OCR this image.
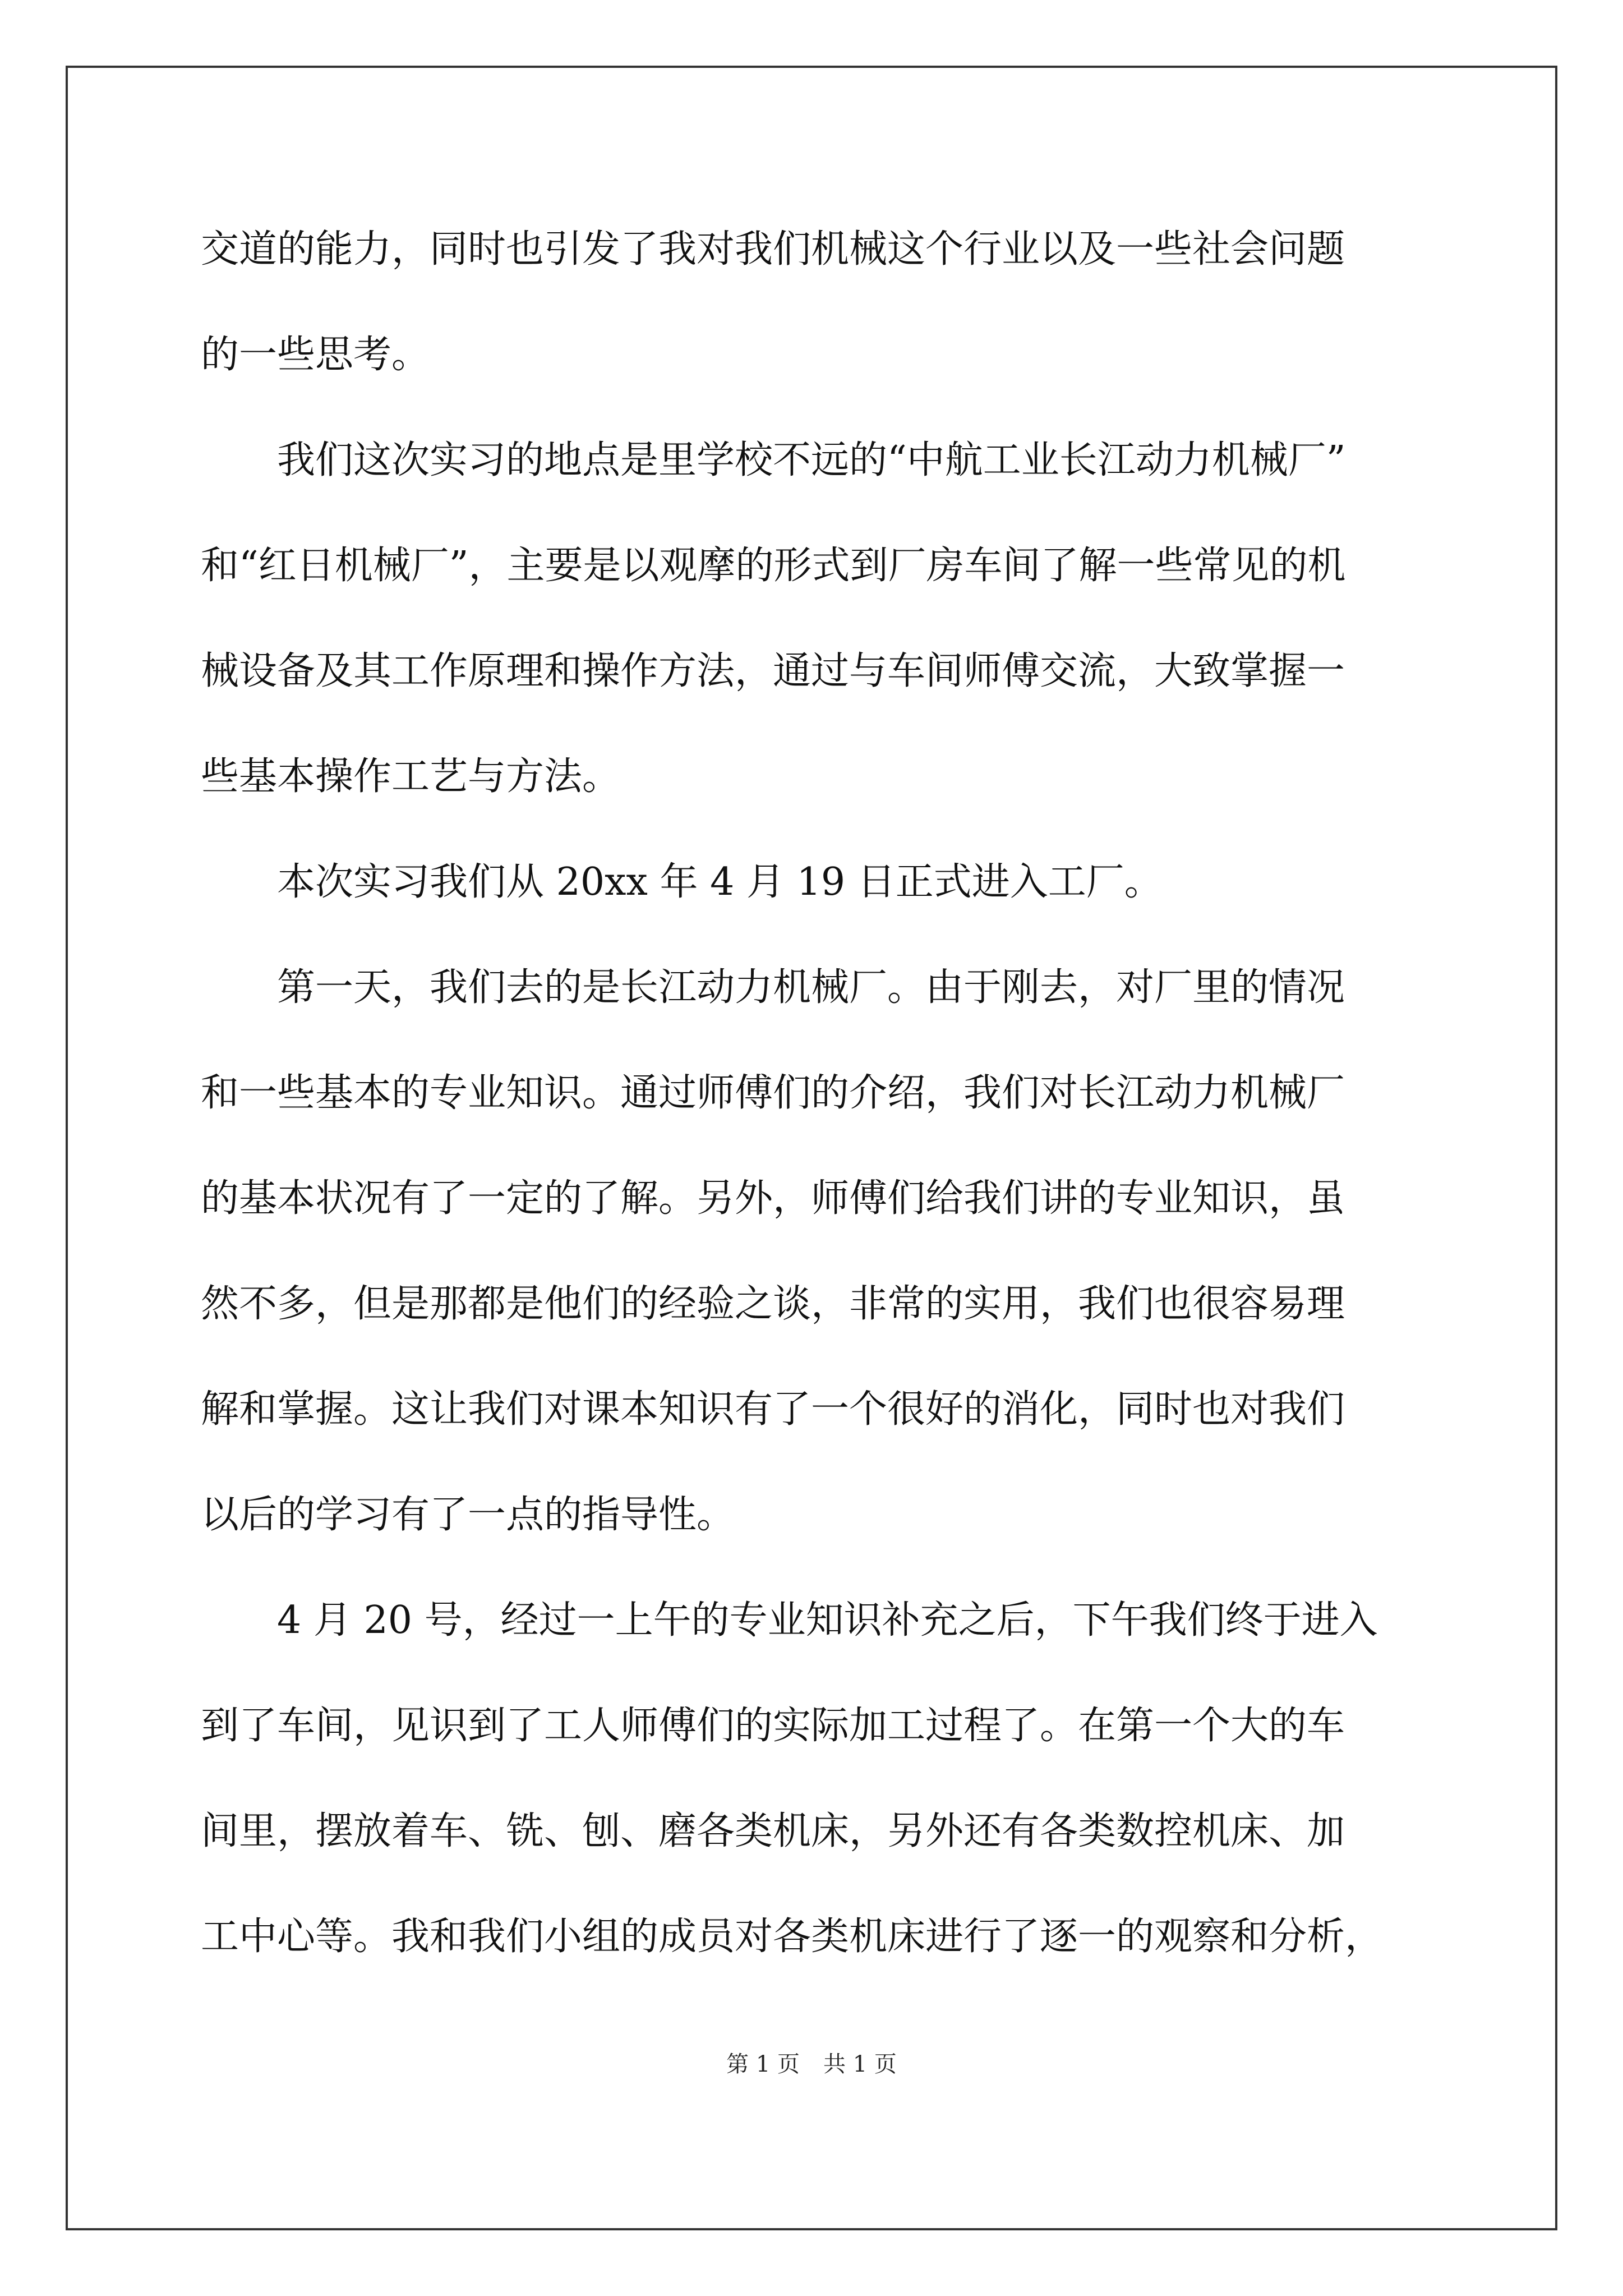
交道的能力，同时也引发了我对我们机械这个行业以及一些社会问题
的一些思考。
　　我们这次实习的地点是里学校不远的“中航工业长江动力机械厂”
和“红日机械厂”，主要是以观摩的形式到厂房车间了解一些常见的机
械设备及其工作原理和操作方法，通过与车间师傅交流，大致掌握一
些基本操作工艺与方法。
　　本次实习我们从 20xx 年 4 月 19 日正式进入工厂。
　　第一天，我们去的是长江动力机械厂。由于刚去，对厂里的情况
和一些基本的专业知识。通过师傅们的介绍，我们对长江动力机械厂
的基本状况有了一定的了解。另外，师傅们给我们讲的专业知识，虽
然不多，但是那都是他们的经验之谈，非常的实用，我们也很容易理
解和掌握。这让我们对课本知识有了一个很好的消化，同时也对我们
以后的学习有了一点的指导性。
　　4 月 20 号，经过一上午的专业知识补充之后，下午我们终于进入
到了车间，见识到了工人师傅们的实际加工过程了。在第一个大的车
间里，摆放着车、铣、刨、磨各类机床，另外还有各类数控机床、加
工中心等。我和我们小组的成员对各类机床进行了逐一的观察和分析，
第 1 页 共 1 页
